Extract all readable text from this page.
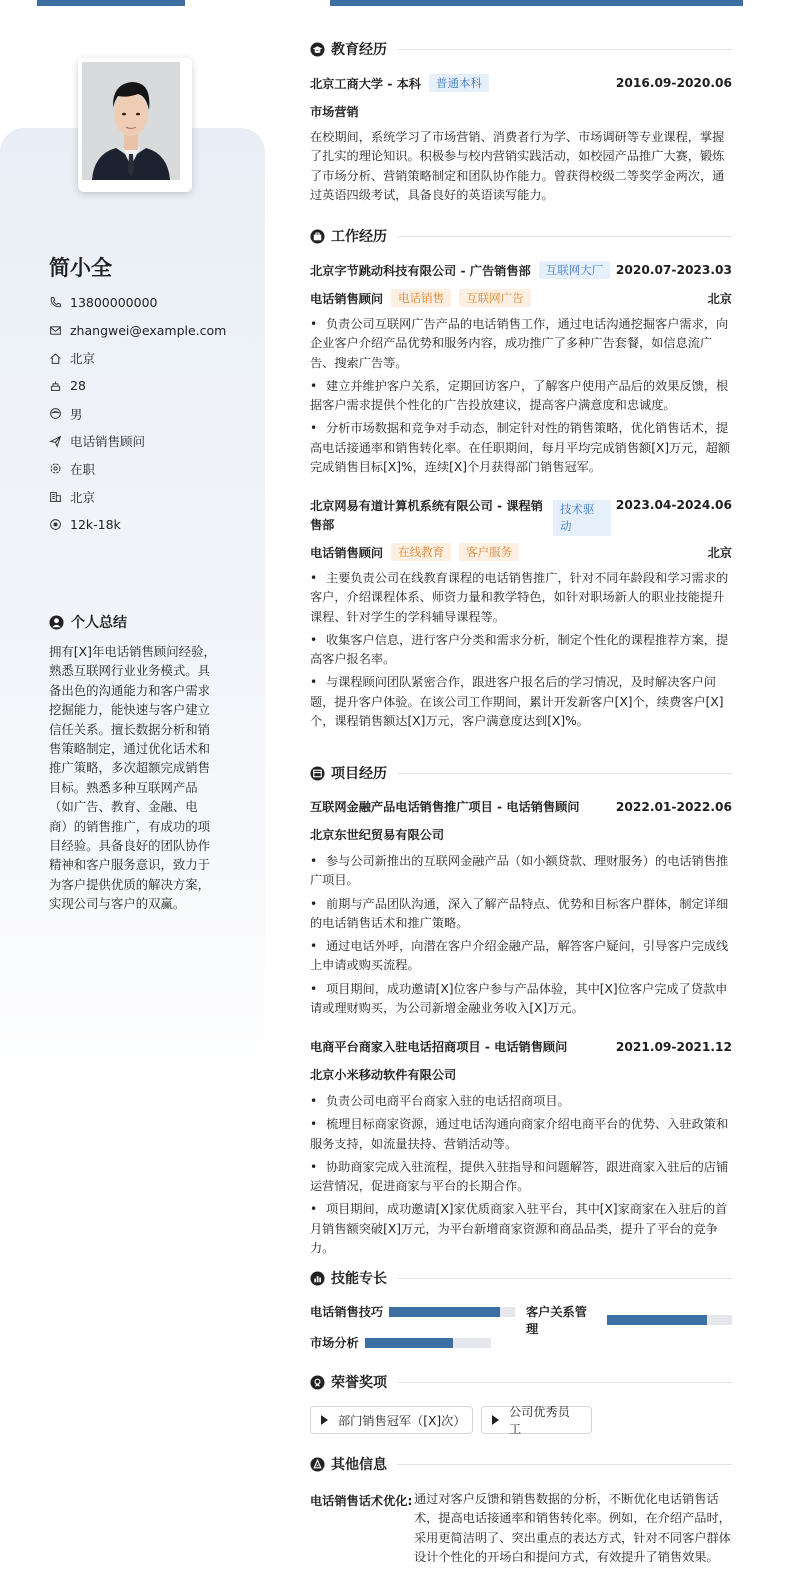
简小全
13800000000
zhangwei@example.com
北京
28
男
电话销售顾问
在职
北京
12k-18k
个人总结
拥有[X]年电话销售顾问经验，熟悉互联网行业业务模式。具备出色的沟通能力和客户需求挖掘能力，能快速与客户建立信任关系。擅长数据分析和销售策略制定，通过优化话术和推广策略，多次超额完成销售目标。熟悉多种互联网产品（如广告、教育、金融、电商）的销售推广，有成功的项目经验。具备良好的团队协作精神和客户服务意识，致力于为客户提供优质的解决方案，实现公司与客户的双赢。
教育经历
北京工商大学 - 本科	普通本科	2016.09-2020.06
市场营销
在校期间，系统学习了市场营销、消费者行为学、市场调研等专业课程，掌握了扎实的理论知识。积极参与校内营销实践活动，如校园产品推广大赛，锻炼了市场分析、营销策略制定和团队协作能力。曾获得校级二等奖学金两次，通过英语四级考试，具备良好的英语读写能力。
工作经历
北京字节跳动科技有限公司 - 广告销售部	互联网大厂	2020.07-2023.03
电话销售顾问	电话销售	互联网广告	北京
• 负责公司互联网广告产品的电话销售工作，通过电话沟通挖掘客户需求，向企业客户介绍产品优势和服务内容，成功推广了多种广告套餐，如信息流广告、搜索广告等。
• 建立并维护客户关系，定期回访客户，了解客户使用产品后的效果反馈，根据客户需求提供个性化的广告投放建议，提高客户满意度和忠诚度。
• 分析市场数据和竞争对手动态，制定针对性的销售策略，优化销售话术，提高电话接通率和销售转化率。在任职期间，每月平均完成销售额[X]万元，超额完成销售目标[X]%，连续[X]个月获得部门销售冠军。
北京网易有道计算机系统有限公司 - 课程销售部
技术驱动
2023.04-2024.06
电话销售顾问	在线教育	客户服务	北京
• 主要负责公司在线教育课程的电话销售推广，针对不同年龄段和学习需求的客户，介绍课程体系、师资力量和教学特色，如针对职场新人的职业技能提升课程、针对学生的学科辅导课程等。
• 收集客户信息，进行客户分类和需求分析，制定个性化的课程推荐方案，提高客户报名率。
• 与课程顾问团队紧密合作，跟进客户报名后的学习情况，及时解决客户问题，提升客户体验。在该公司工作期间，累计开发新客户[X]个，续费客户[X]个，课程销售额达[X]万元，客户满意度达到[X]%。
项目经历
互联网金融产品电话销售推广项目 - 电话销售顾问	2022.01-2022.06
北京东世纪贸易有限公司
• 参与公司新推出的互联网金融产品（如小额贷款、理财服务）的电话销售推广项目。
• 前期与产品团队沟通，深入了解产品特点、优势和目标客户群体，制定详细的电话销售话术和推广策略。
• 通过电话外呼，向潜在客户介绍金融产品，解答客户疑问，引导客户完成线上申请或购买流程。
• 项目期间，成功邀请[X]位客户参与产品体验，其中[X]位客户完成了贷款申请或理财购买，为公司新增金融业务收入[X]万元。
电商平台商家入驻电话招商项目 - 电话销售顾问	2021.09-2021.12
北京小米移动软件有限公司
• 负责公司电商平台商家入驻的电话招商项目。
• 梳理目标商家资源，通过电话沟通向商家介绍电商平台的优势、入驻政策和服务支持，如流量扶持、营销活动等。
• 协助商家完成入驻流程，提供入驻指导和问题解答，跟进商家入驻后的店铺运营情况，促进商家与平台的长期合作。
• 项目期间，成功邀请[X]家优质商家入驻平台，其中[X]家商家在入驻后的首月销售额突破[X]万元，为平台新增商家资源和商品品类，提升了平台的竞争力。
技能专长
电话销售技巧	客户关系管理
市场分析
荣誉奖项
部门销售冠军（[X]次）
公司优秀员工
其他信息
电话销售话术优化: 通过对客户反馈和销售数据的分析，不断优化电话销售话术，提高电话接通率和销售转化率。例如，在介绍产品时，采用更简洁明了、突出重点的表达方式，针对不同客户群体设计个性化的开场白和提问方式，有效提升了销售效果。
